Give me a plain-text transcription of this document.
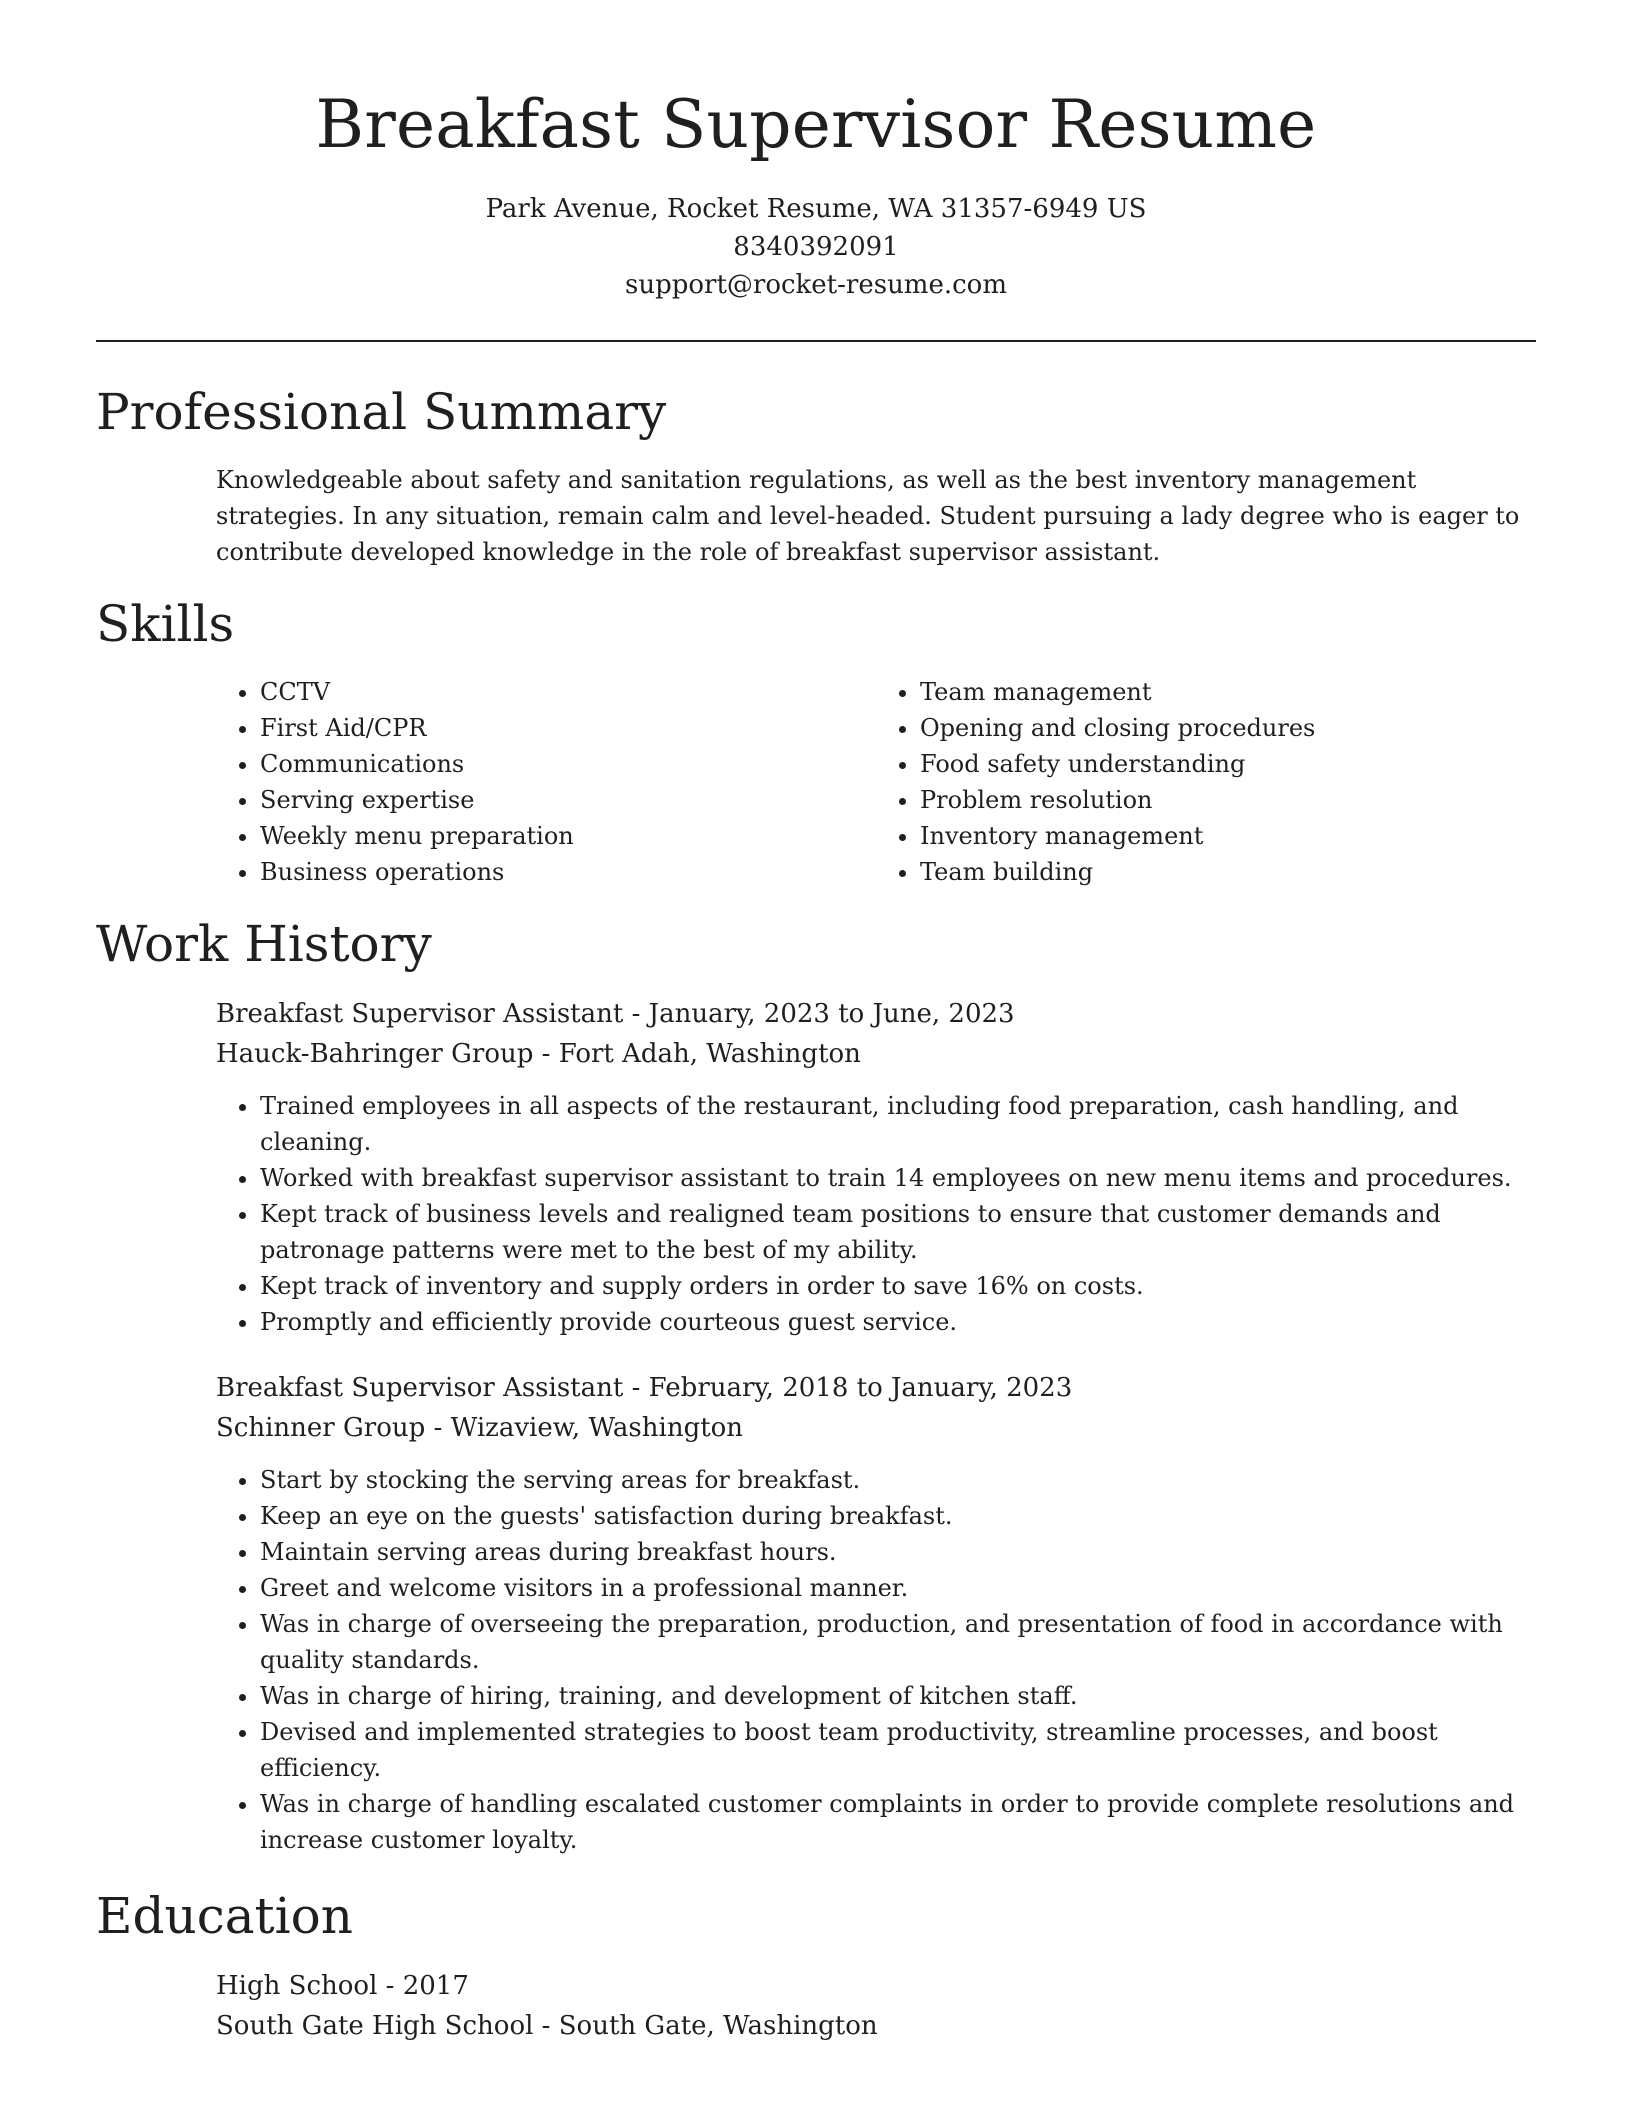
Breakfast Supervisor Resume

Park Avenue, Rocket Resume, WA 31357-6949 US

8340392091

support@rocket-resume.com

Professional Summary

Knowledgeable about safety and sanitation regulations, as well as the best inventory management strategies. In any situation, remain calm and level-headed. Student pursuing a lady degree who is eager to contribute developed knowledge in the role of breakfast supervisor assistant.

Skills
• CCTV
• First Aid/CPR
• Communications
• Serving expertise
• Weekly menu preparation
• Business operations
• Team management
• Opening and closing procedures
• Food safety understanding
• Problem resolution
• Inventory management
• Team building
Work History

Breakfast Supervisor Assistant - January, 2023 to June, 2023

Hauck-Bahringer Group - Fort Adah, Washington

• Trained employees in all aspects of the restaurant, including food preparation, cash handling, and cleaning.
• Worked with breakfast supervisor assistant to train 14 employees on new menu items and procedures.
• Kept track of business levels and realigned team positions to ensure that customer demands and patronage patterns were met to the best of my ability.
• Kept track of inventory and supply orders in order to save 16% on costs.
• Promptly and efficiently provide courteous guest service.

Breakfast Supervisor Assistant - February, 2018 to January, 2023

Schinner Group - Wizaview, Washington

• Start by stocking the serving areas for breakfast.
• Keep an eye on the guests' satisfaction during breakfast.
• Maintain serving areas during breakfast hours.
• Greet and welcome visitors in a professional manner.
• Was in charge of overseeing the preparation, production, and presentation of food in accordance with quality standards.
• Was in charge of hiring, training, and development of kitchen staff.
• Devised and implemented strategies to boost team productivity, streamline processes, and boost efficiency.
• Was in charge of handling escalated customer complaints in order to provide complete resolutions and increase customer loyalty.
Education

High School - 2017

South Gate High School - South Gate, Washington
